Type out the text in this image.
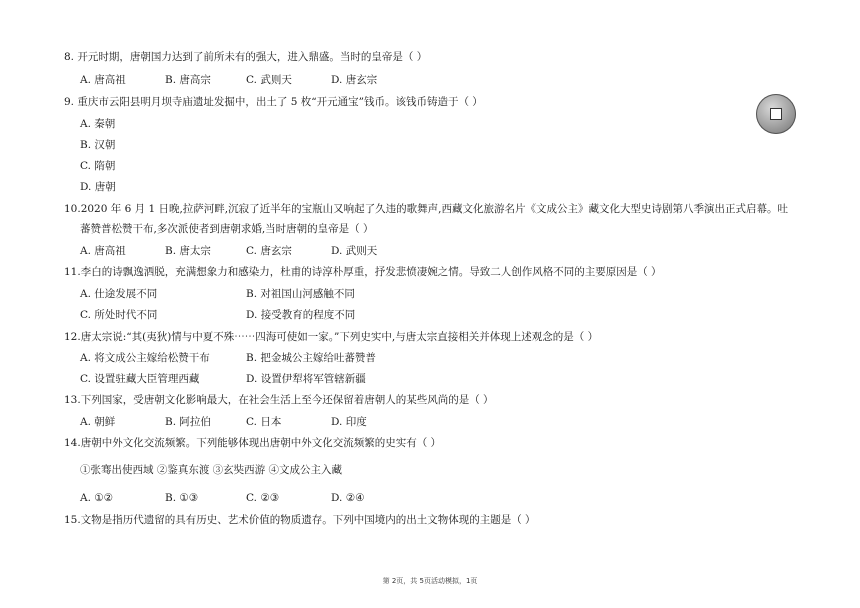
8. 开元时期，唐朝国力达到了前所未有的强大，进入鼎盛。当时的皇帝是（ ）
A. 唐高祖	B. 唐高宗	C. 武则天	D. 唐玄宗
9. 重庆市云阳县明月坝寺庙遗址发掘中，出土了 5 枚“开元通宝”钱币。该钱币铸造于（ ）
A. 秦朝
B. 汉朝
C. 隋朝
D. 唐朝
10.2020 年 6 月 1 日晚,拉萨河畔,沉寂了近半年的宝瓶山又响起了久违的歌舞声,西藏文化旅游名片《文成公主》藏文化大型史诗剧第八季演出正式启幕。吐
蕃赞普松赞干布,多次派使者到唐朝求婚,当时唐朝的皇帝是（ ）
A. 唐高祖	B. 唐太宗	C. 唐玄宗	D. 武则天
11.李白的诗飘逸洒脱，充满想象力和感染力，杜甫的诗淳朴厚重，抒发悲愤凄婉之情。导致二人创作风格不同的主要原因是（ ）
A. 仕途发展不同	B. 对祖国山河感触不同
C. 所处时代不同	D. 接受教育的程度不同
12.唐太宗说:“其(夷狄)情与中夏不殊⋯⋯四海可使如一家。”下列史实中,与唐太宗直接相关并体现上述观念的是（ ）
A. 将文成公主嫁给松赞干布	B. 把金城公主嫁给吐蕃赞普
C. 设置驻藏大臣管理西藏	D. 设置伊犁将军管辖新疆
13.下列国家，受唐朝文化影响最大，在社会生活上至今还保留着唐朝人的某些风尚的是（ ）
A. 朝鲜	B. 阿拉伯	C. 日本	D. 印度
14.唐朝中外文化交流频繁。下列能够体现出唐朝中外文化交流频繁的史实有（ ）
①张骞出使西域 ②鉴真东渡 ③玄奘西游 ④文成公主入藏
A. ①②	B. ①③	C. ②③	D. ②④
15.文物是指历代遗留的具有历史、艺术价值的物质遗存。下列中国境内的出土文物体现的主题是（ ）
第 2页，共 5页活动模拟，1页
